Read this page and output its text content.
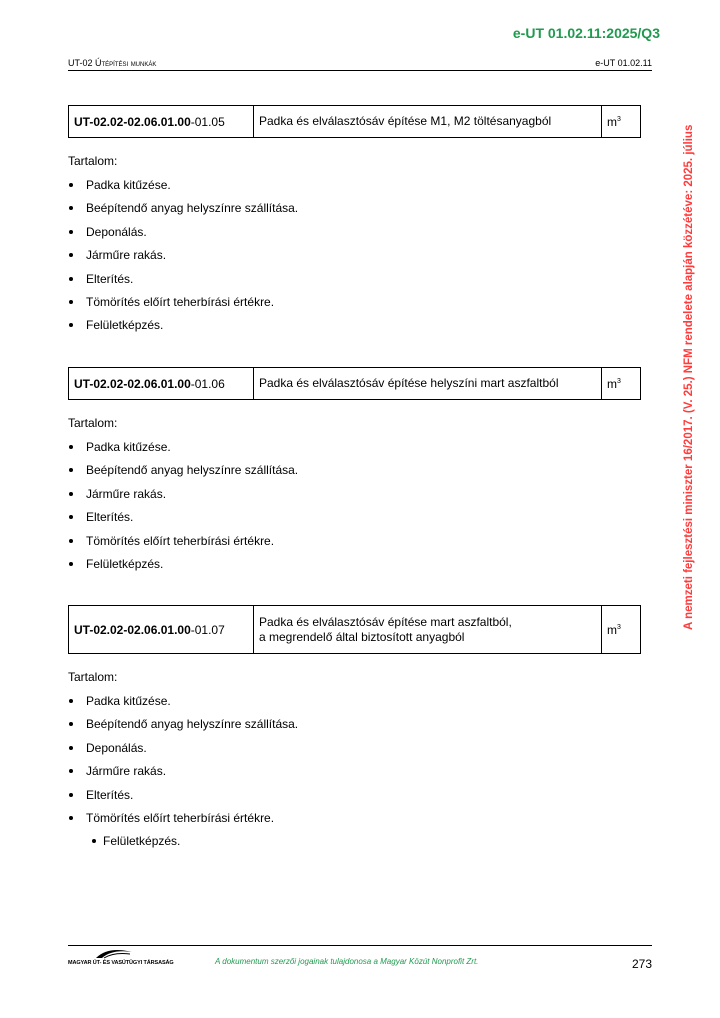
e-UT 01.02.11:2025/Q3
UT-02 Útépítési munkák	e-UT 01.02.11
A nemzeti fejlesztési miniszter 16/2017. (V. 25.) NFM rendelete alapján közzétéve: 2025. július
UT-02.02-02.06.01.00-01.05	Padka és elválasztósáv építése M1, M2 töltésanyagból	$m^3$
Tartalom:
Padka kitűzése.
Beépítendő anyag helyszínre szállítása.
Deponálás.
Járműre rakás.
Elterítés.
Tömörítés előírt teherbírási értékre.
Felületképzés.
UT-02.02-02.06.01.00-01.06	Padka és elválasztósáv építése helyszíni mart aszfaltból	$m^3$
Tartalom:
Padka kitűzése.
Beépítendő anyag helyszínre szállítása.
Járműre rakás.
Elterítés.
Tömörítés előírt teherbírási értékre.
Felületképzés.
UT-02.02-02.06.01.00-01.07	Padka és elválasztósáv építése mart aszfaltból,
a megrendelő által biztosított anyagból	$m^3$
Tartalom:
Padka kitűzése.
Beépítendő anyag helyszínre szállítása.
Deponálás.
Járműre rakás.
Elterítés.
Tömörítés előírt teherbírási értékre.
Felületképzés.
MAGYAR ÚT- ÉS VASÚTÜGYI TÁRSASÁG	A dokumentum szerzői jogainak tulajdonosa a Magyar Közút Nonprofit Zrt.	273
